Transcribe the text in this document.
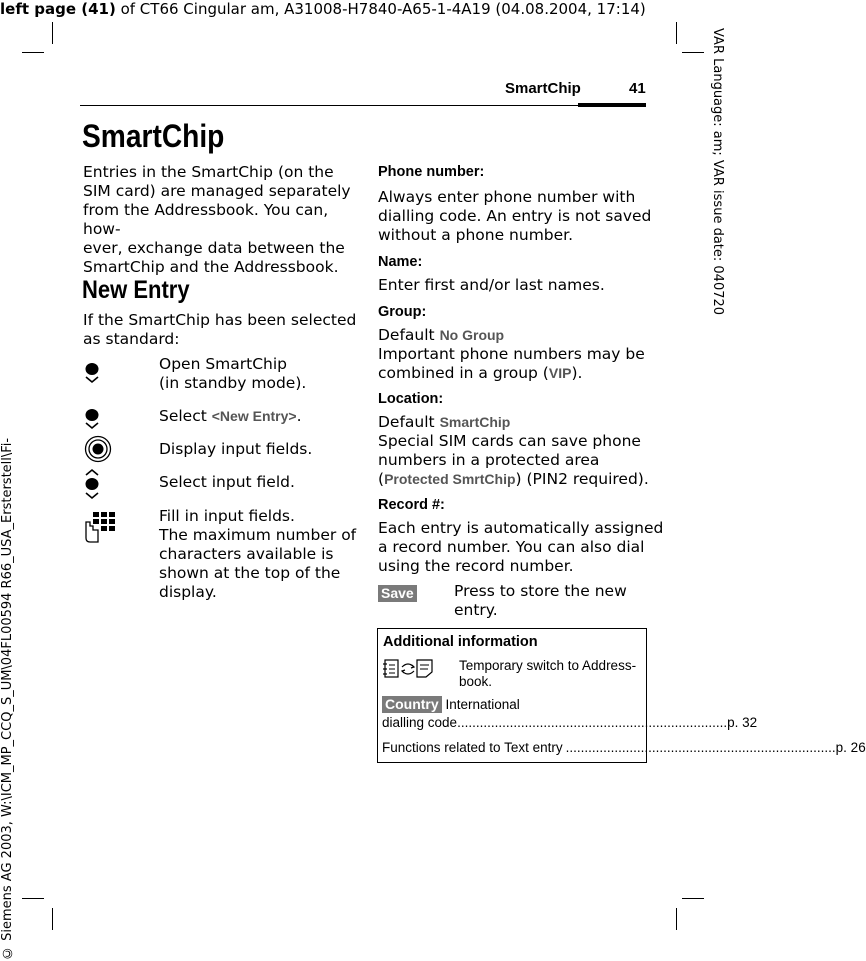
left page (41) of CT66 Cingular am, A31008-H7840-A65-1-4A19 (04.08.2004, 17:14)
VAR Language: am; VAR issue date: 040720
© Siemens AG 2003, W:\ICM_MP_CCQ_S_UM\04FL00594 R66_USA_Ersterstell\Fi-
SmartChip	41
SmartChip
Entries in the SmartChip (on the
SIM card) are managed separately
from the Addressbook. You can, how-
ever, exchange data between the
SmartChip and the Addressbook.
New Entry
If the SmartChip has been selected
as standard:
Open SmartChip
(in standby mode).
Select <New Entry>.
Display input fields.
Select input field.
Fill in input fields.
The maximum number of
characters available is
shown at the top of the
display.
Phone number:
Always enter phone number with
dialling code. An entry is not saved
without a phone number.
Name:
Enter first and/or last names.
Group:
Default No Group
Important phone numbers may be
combined in a group (VIP).
Location:
Default SmartChip
Special SIM cards can save phone
numbers in a protected area
(Protected SmrtChip) (PIN2 required).
Record #:
Each entry is automatically assigned
a record number. You can also dial
using the record number.
Save	Press to store the new
entry.
Additional information
Temporary switch to Address-
book.
Country International
dialling code ........................................................................ p. 32
Functions related to Text entry ........................................................................ p. 26
